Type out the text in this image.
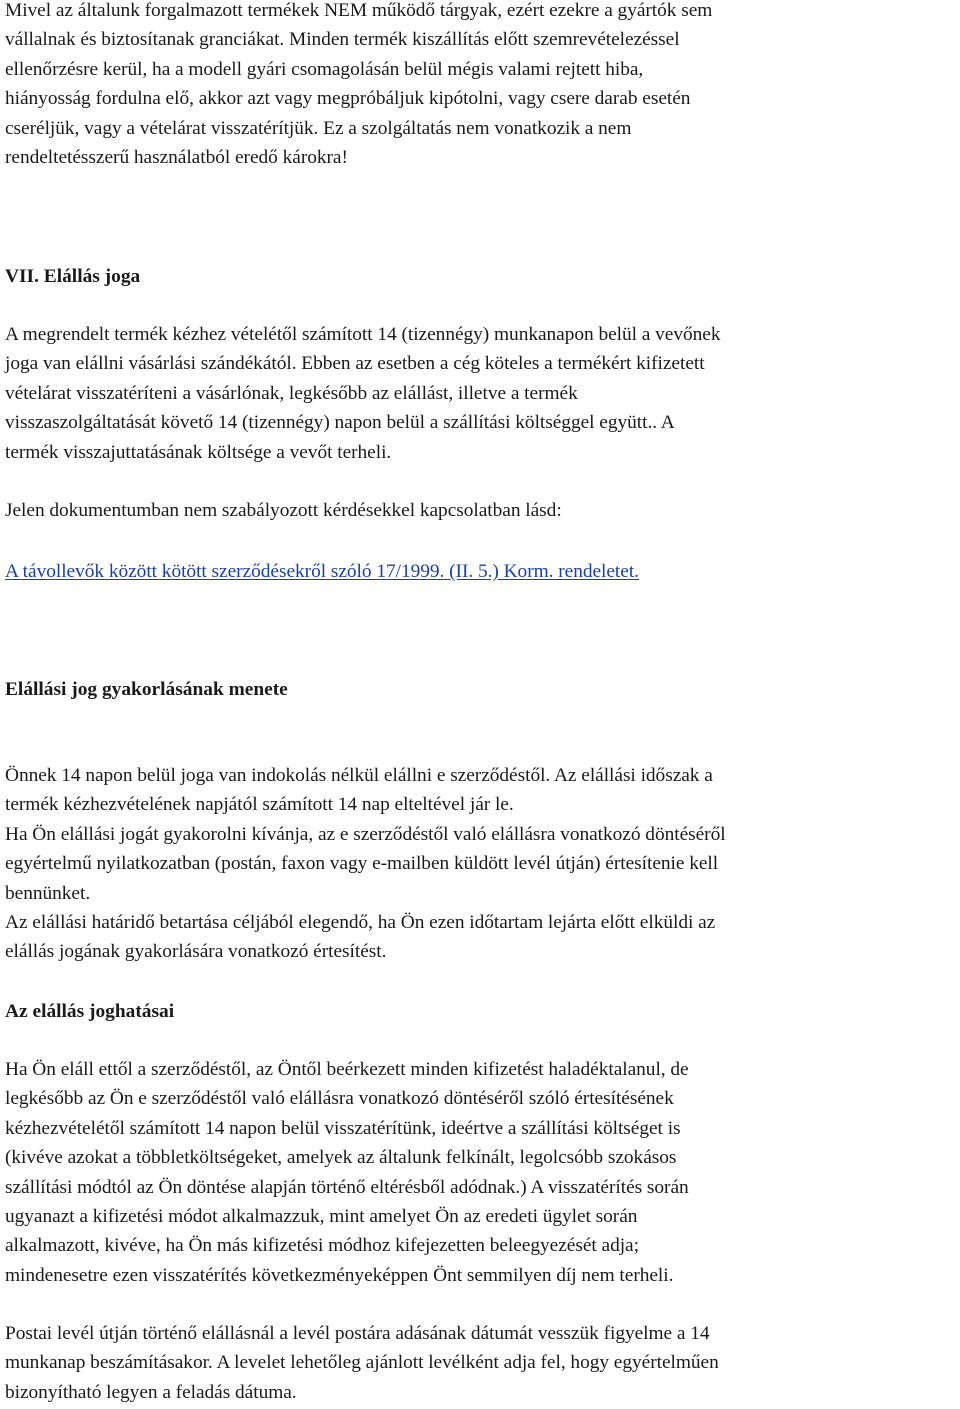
Mivel az általunk forgalmazott termékek NEM működő tárgyak, ezért ezekre a gyártók sem
vállalnak és biztosítanak granciákat. Minden termék kiszállítás előtt szemrevételezéssel
ellenőrzésre kerül, ha a modell gyári csomagolásán belül mégis valami rejtett hiba,
hiányosság fordulna elő, akkor azt vagy megpróbáljuk kipótolni, vagy csere darab esetén
cseréljük, vagy a vételárat visszatérítjük. Ez a szolgáltatás nem vonatkozik a nem
rendeltetésszerű használatból eredő károkra!
VII. Elállás joga
A megrendelt termék kézhez vételétől számított 14 (tizennégy) munkanapon belül a vevőnek
joga van elállni vásárlási szándékától. Ebben az esetben a cég köteles a termékért kifizetett
vételárat visszatéríteni a vásárlónak, legkésőbb az elállást, illetve a termék
visszaszolgáltatását követő 14 (tizennégy) napon belül a szállítási költséggel együtt.. A
termék visszajuttatásának költsége a vevőt terheli.
Jelen dokumentumban nem szabályozott kérdésekkel kapcsolatban lásd:
A távollevők között kötött szerződésekről szóló 17/1999. (II. 5.) Korm. rendeletet.
Elállási jog gyakorlásának menete
Önnek 14 napon belül joga van indokolás nélkül elállni e szerződéstől. Az elállási időszak a
termék kézhezvételének napjától számított 14 nap elteltével jár le.
Ha Ön elállási jogát gyakorolni kívánja, az e szerződéstől való elállásra vonatkozó döntéséről
egyértelmű nyilatkozatban (postán, faxon vagy e-mailben küldött levél útján) értesítenie kell
bennünket.
Az elállási határidő betartása céljából elegendő, ha Ön ezen időtartam lejárta előtt elküldi az
elállás jogának gyakorlására vonatkozó értesítést.
Az elállás joghatásai
Ha Ön eláll ettől a szerződéstől, az Öntől beérkezett minden kifizetést haladéktalanul, de
legkésőbb az Ön e szerződéstől való elállásra vonatkozó döntéséről szóló értesítésének
kézhezvételétől számított 14 napon belül visszatérítünk, ideértve a szállítási költséget is
(kivéve azokat a többletköltségeket, amelyek az általunk felkínált, legolcsóbb szokásos
szállítási módtól az Ön döntése alapján történő eltérésből adódnak.) A visszatérítés során
ugyanazt a kifizetési módot alkalmazzuk, mint amelyet Ön az eredeti ügylet során
alkalmazott, kivéve, ha Ön más kifizetési módhoz kifejezetten beleegyezését adja;
mindenesetre ezen visszatérítés következményeképpen Önt semmilyen díj nem terheli.
Postai levél útján történő elállásnál a levél postára adásának dátumát vesszük figyelme a 14
munkanap beszámításakor. A levelet lehetőleg ajánlott levélként adja fel, hogy egyértelműen
bizonyítható legyen a feladás dátuma.
